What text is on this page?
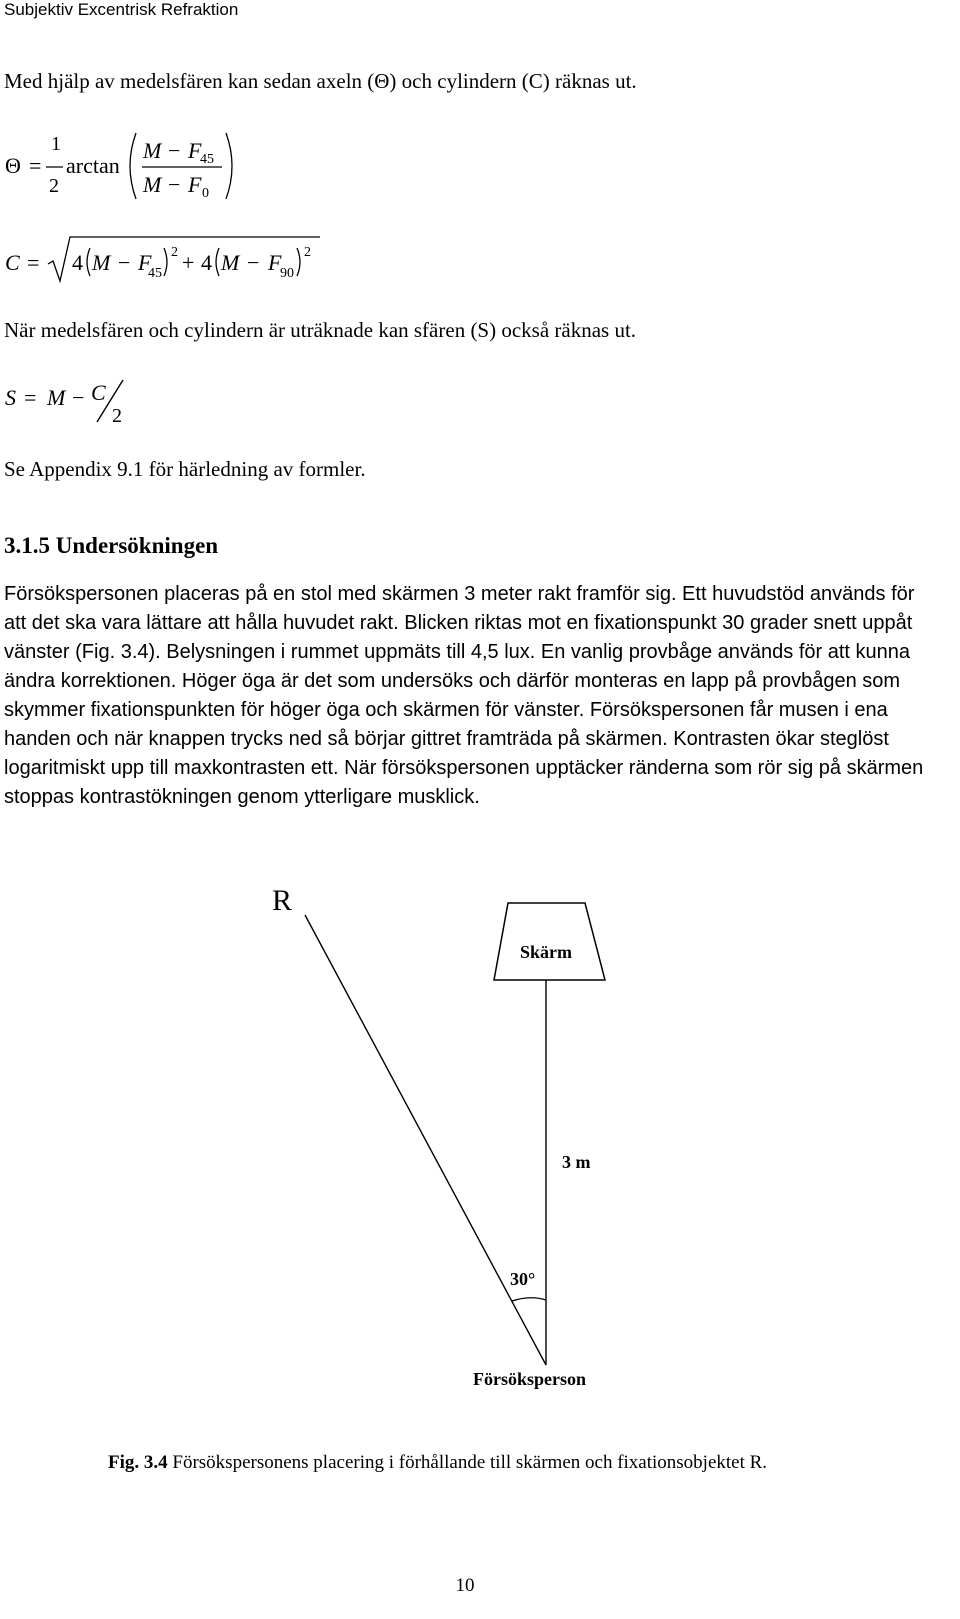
Subjektiv Excentrisk Refraktion

Med hjälp av medelsfären kan sedan axeln (Θ) och cylindern (C) räknas ut.

Θ =
1
2
arctan
M − F
45
M − F 0
C = 4 M − F
45
2 + 4 M − F
90
2

När medelsfären och cylindern är uträknade kan sfären (S) också räknas ut.

S = M − C
2

Se Appendix 9.1 för härledning av formler.

3.1.5 Undersökningen

Försökspersonen placeras på en stol med skärmen 3 meter rakt framför sig. Ett huvudstöd används för att det ska vara lättare att hålla huvudet rakt. Blicken riktas mot en fixationspunkt 30 grader snett uppåt vänster (Fig. 3.4). Belysningen i rummet uppmäts till 4,5 lux. En vanlig provbåge används för att kunna ändra korrektionen. Höger öga är det som undersöks och därför monteras en lapp på provbågen som skymmer fixationspunkten för höger öga och skärmen för vänster. Försökspersonen får musen i ena handen och när knappen trycks ned så börjar gittret framträda på skärmen. Kontrasten ökar steglöst logaritmiskt upp till maxkontrasten ett. När försökspersonen upptäcker ränderna som rör sig på skärmen stoppas kontrastökningen genom ytterligare musklick.

R
Skärm
3 m
30°
Försöksperson

Fig. 3.4 Försökspersonens placering i förhållande till skärmen och fixationsobjektet R.

10
